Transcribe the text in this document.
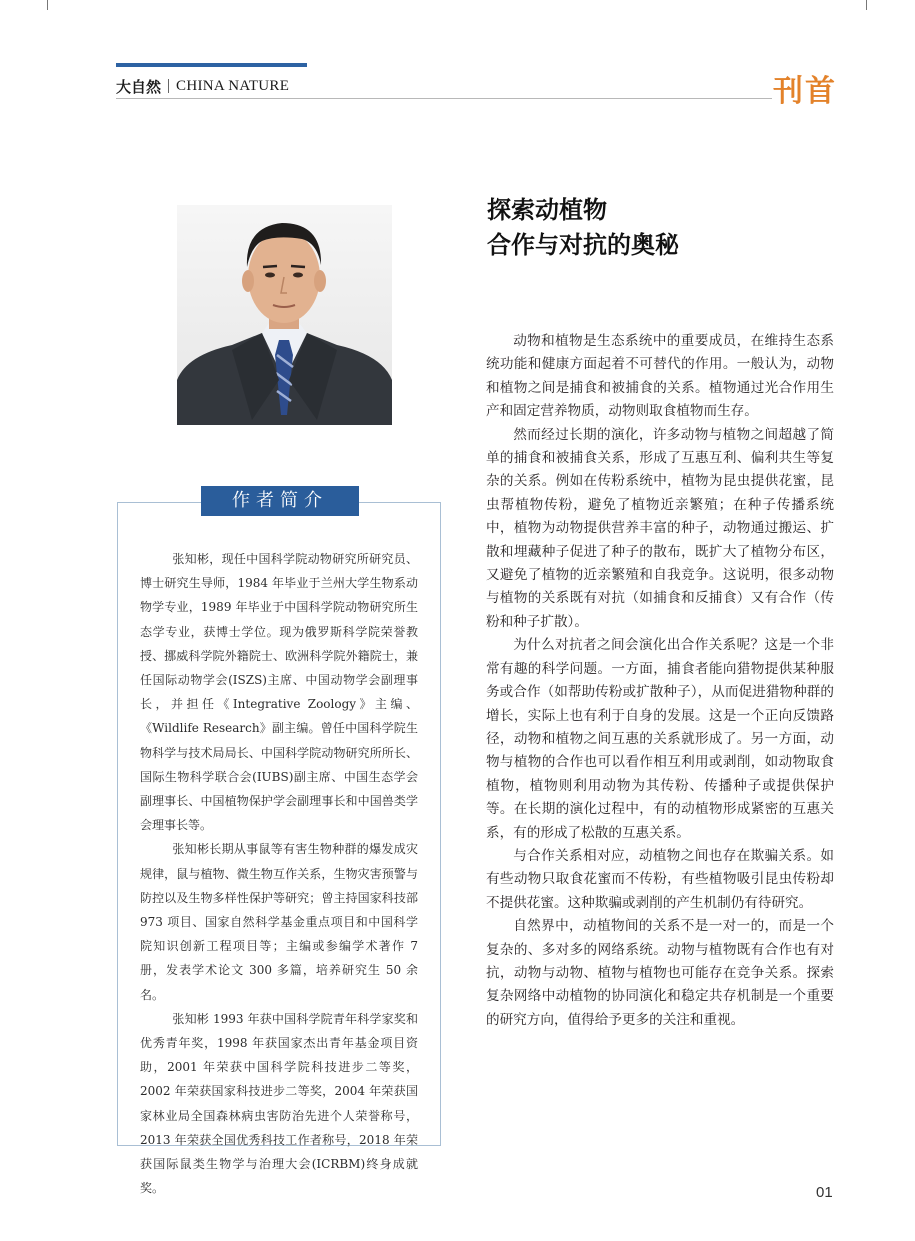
大自然 CHINA NATURE	刊首
作者简介

张知彬，现任中国科学院动物研究所研究员、博士研究生导师，1984 年毕业于兰州大学生物系动物学专业，1989 年毕业于中国科学院动物研究所生态学专业，获博士学位。现为俄罗斯科学院荣誉教授、挪威科学院外籍院士、欧洲科学院外籍院士，兼任国际动物学会(ISZS)主席、中国动物学会副理事长，并担任《Integrative Zoology》主编、《Wildlife Research》副主编。曾任中国科学院生物科学与技术局局长、中国科学院动物研究所所长、国际生物科学联合会(IUBS)副主席、中国生态学会副理事长、中国植物保护学会副理事长和中国兽类学会理事长等。

张知彬长期从事鼠等有害生物种群的爆发成灾规律，鼠与植物、微生物互作关系，生物灾害预警与防控以及生物多样性保护等研究；曾主持国家科技部 973 项目、国家自然科学基金重点项目和中国科学院知识创新工程项目等；主编或参编学术著作 7 册，发表学术论文 300 多篇，培养研究生 50 余名。

张知彬 1993 年获中国科学院青年科学家奖和优秀青年奖，1998 年获国家杰出青年基金项目资助，2001 年荣获中国科学院科技进步二等奖，2002 年荣获国家科技进步二等奖，2004 年荣获国家林业局全国森林病虫害防治先进个人荣誉称号，2013 年荣获全国优秀科技工作者称号，2018 年荣获国际鼠类生物学与治理大会(ICRBM)终身成就奖。

探索动植物
合作与对抗的奥秘

动物和植物是生态系统中的重要成员，在维持生态系统功能和健康方面起着不可替代的作用。一般认为，动物和植物之间是捕食和被捕食的关系。植物通过光合作用生产和固定营养物质，动物则取食植物而生存。

然而经过长期的演化，许多动物与植物之间超越了简单的捕食和被捕食关系，形成了互惠互利、偏利共生等复杂的关系。例如在传粉系统中，植物为昆虫提供花蜜，昆虫帮植物传粉，避免了植物近亲繁殖；在种子传播系统中，植物为动物提供营养丰富的种子，动物通过搬运、扩散和埋藏种子促进了种子的散布，既扩大了植物分布区，又避免了植物的近亲繁殖和自我竞争。这说明，很多动物与植物的关系既有对抗（如捕食和反捕食）又有合作（传粉和种子扩散）。

为什么对抗者之间会演化出合作关系呢？这是一个非常有趣的科学问题。一方面，捕食者能向猎物提供某种服务或合作（如帮助传粉或扩散种子），从而促进猎物种群的增长，实际上也有利于自身的发展。这是一个正向反馈路径，动物和植物之间互惠的关系就形成了。另一方面，动物与植物的合作也可以看作相互利用或剥削，如动物取食植物，植物则利用动物为其传粉、传播种子或提供保护等。在长期的演化过程中，有的动植物形成紧密的互惠关系，有的形成了松散的互惠关系。

与合作关系相对应，动植物之间也存在欺骗关系。如有些动物只取食花蜜而不传粉，有些植物吸引昆虫传粉却不提供花蜜。这种欺骗或剥削的产生机制仍有待研究。

自然界中，动植物间的关系不是一对一的，而是一个复杂的、多对多的网络系统。动物与植物既有合作也有对抗，动物与动物、植物与植物也可能存在竞争关系。探索复杂网络中动植物的协同演化和稳定共存机制是一个重要的研究方向，值得给予更多的关注和重视。

01
